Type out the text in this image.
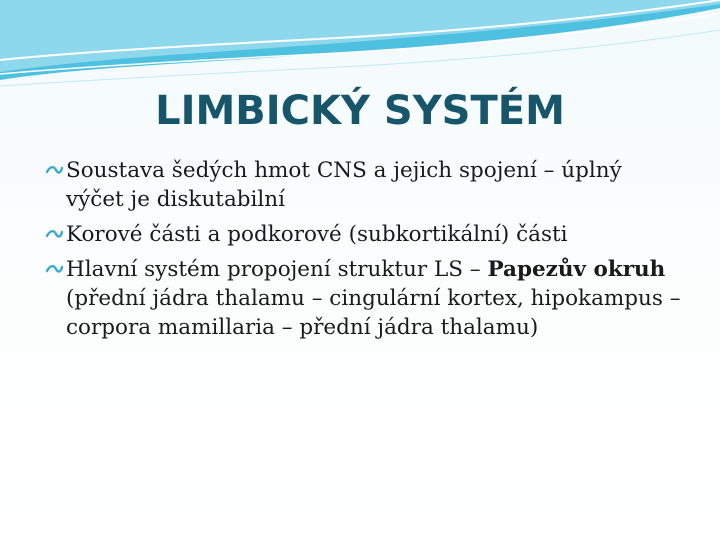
LIMBICKÝ SYSTÉM
Soustava šedých hmot CNS a jejich spojení – úplný výčet je diskutabilní
Korové části a podkorové (subkortikální) části
Hlavní systém propojení struktur LS – Papezův okruh (přední jádra thalamu – cingulární kortex, hipokampus – corpora mamillaria – přední jádra thalamu)
